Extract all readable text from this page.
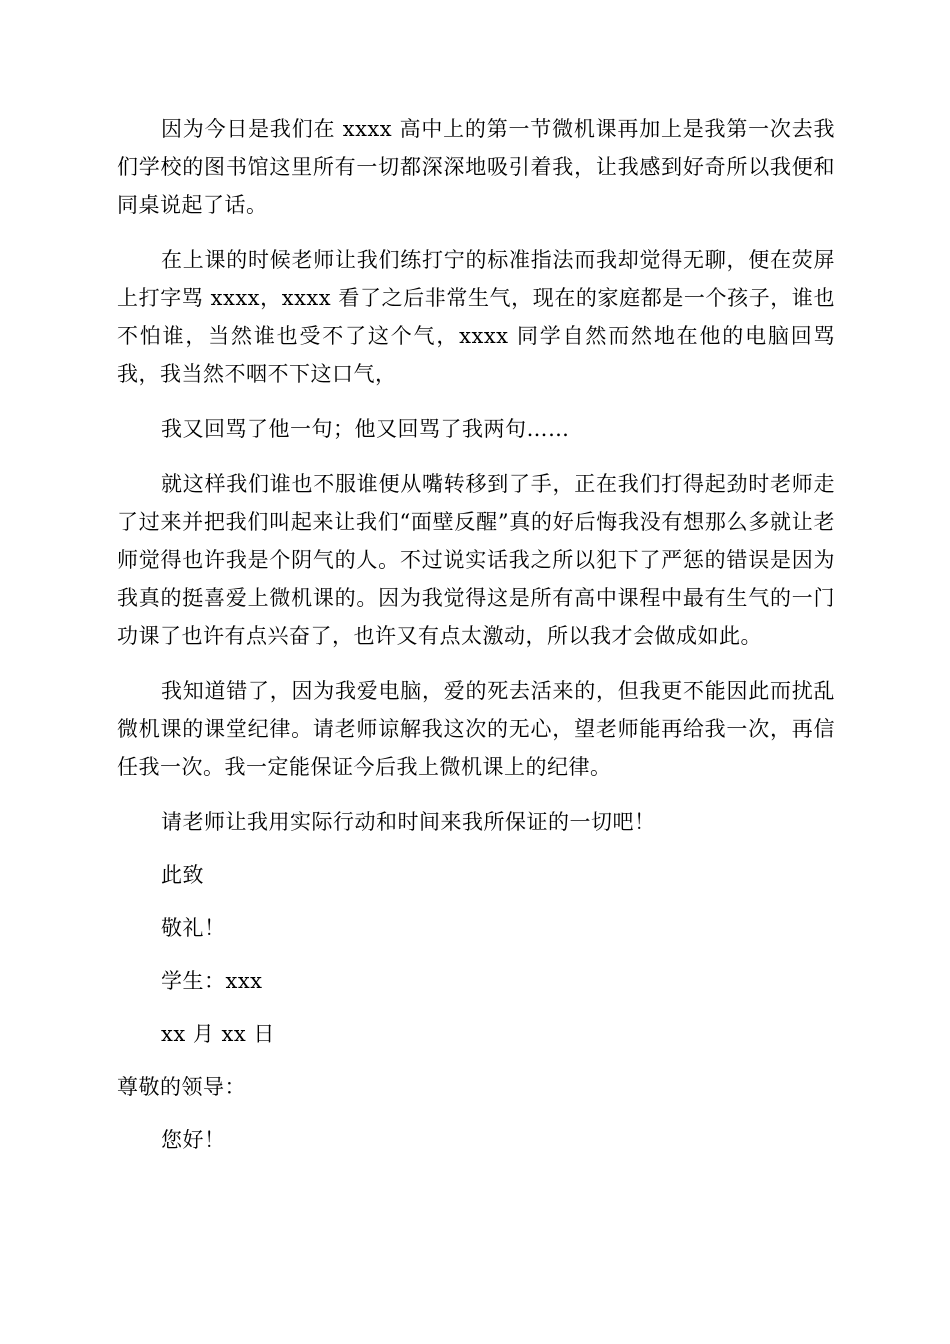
因为今日是我们在 xxxx 高中上的第一节微机课再加上是我第一次去我们学校的图书馆这里所有一切都深深地吸引着我，让我感到好奇所以我便和同桌说起了话。

在上课的时候老师让我们练打宁的标准指法而我却觉得无聊，便在荧屏上打字骂 xxxx，xxxx 看了之后非常生气，现在的家庭都是一个孩子，谁也不怕谁，当然谁也受不了这个气，xxxx 同学自然而然地在他的电脑回骂我，我当然不咽不下这口气，

我又回骂了他一句；他又回骂了我两句……

就这样我们谁也不服谁便从嘴转移到了手，正在我们打得起劲时老师走了过来并把我们叫起来让我们“面壁反醒”真的好后悔我没有想那么多就让老师觉得也许我是个阴气的人。不过说实话我之所以犯下了严惩的错误是因为我真的挺喜爱上微机课的。因为我觉得这是所有高中课程中最有生气的一门功课了也许有点兴奋了，也许又有点太激动，所以我才会做成如此。

我知道错了，因为我爱电脑，爱的死去活来的，但我更不能因此而扰乱微机课的课堂纪律。请老师谅解我这次的无心，望老师能再给我一次，再信任我一次。我一定能保证今后我上微机课上的纪律。

请老师让我用实际行动和时间来我所保证的一切吧！

此致

敬礼！

学生：xxx

xx 月 xx 日

尊敬的领导：

您好！
